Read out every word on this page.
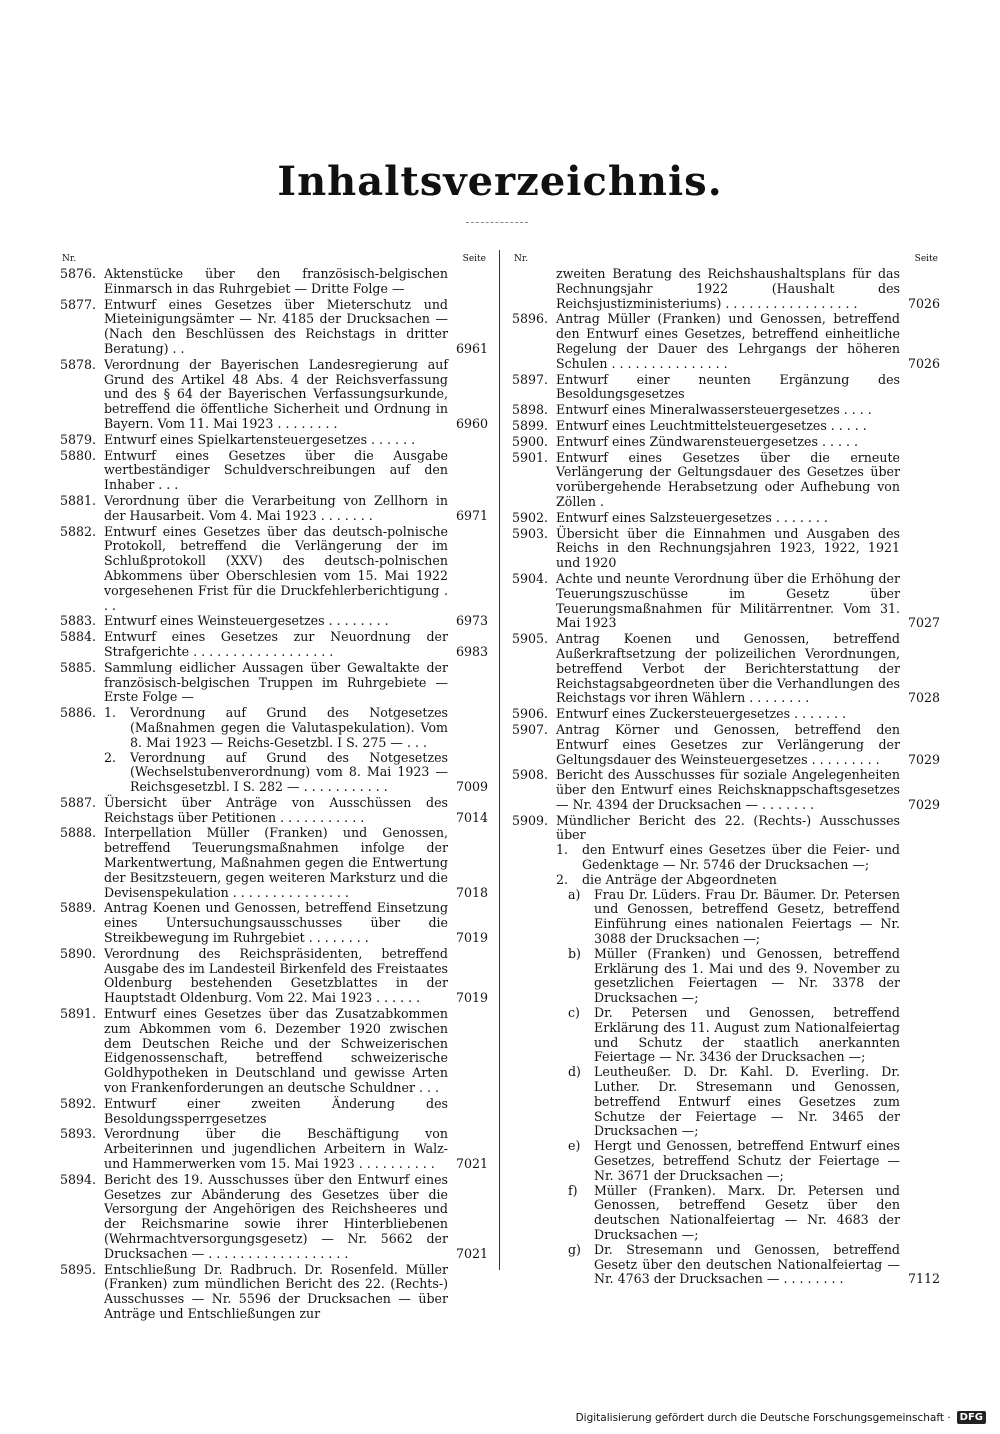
Inhaltsverzeichnis.
Nr.	Seite
5876. Aktenstücke über den französisch-belgischen Einmarsch in das Ruhrgebiet — Dritte Folge —
5877. Entwurf eines Gesetzes über Mieterschutz und Mieteinigungsämter — Nr. 4185 der Drucksachen — (Nach den Beschlüssen des Reichstags in dritter Beratung) . .	6961
5878. Verordnung der Bayerischen Landesregierung auf Grund des Artikel 48 Abs. 4 der Reichsverfassung und des § 64 der Bayerischen Verfassungsurkunde, betreffend die öffentliche Sicherheit und Ordnung in Bayern. Vom 11. Mai 1923 . . . . . . . .	6960
5879. Entwurf eines Spielkartensteuergesetzes . . . . . .
5880. Entwurf eines Gesetzes über die Ausgabe wertbeständiger Schuldverschreibungen auf den Inhaber . . .
5881. Verordnung über die Verarbeitung von Zellhorn in der Hausarbeit. Vom 4. Mai 1923 . . . . . . .	6971
5882. Entwurf eines Gesetzes über das deutsch-polnische Protokoll, betreffend die Verlängerung der im Schlußprotokoll (XXV) des deutsch-polnischen Abkommens über Oberschlesien vom 15. Mai 1922 vorgesehenen Frist für die Druckfehlerberichtigung . . .
5883. Entwurf eines Weinsteuergesetzes . . . . . . . .	6973
5884. Entwurf eines Gesetzes zur Neuordnung der Strafgerichte . . . . . . . . . . . . . . . . . .	6983
5885. Sammlung eidlicher Aussagen über Gewaltakte der französisch-belgischen Truppen im Ruhrgebiete — Erste Folge —
5886. 1.	Verordnung auf Grund des Notgesetzes (Maßnahmen gegen die Valutaspekulation). Vom 8. Mai 1923 — Reichs-Gesetzbl. I S. 275 — . . .
2.	Verordnung auf Grund des Notgesetzes (Wechselstubenverordnung) vom 8. Mai 1923 — Reichsgesetzbl. I S. 282 — . . . . . . . . . . .	7009
5887. Übersicht über Anträge von Ausschüssen des Reichstags über Petitionen . . . . . . . . . . .	7014
5888. Interpellation Müller (Franken) und Genossen, betreffend Teuerungsmaßnahmen infolge der Markentwertung, Maßnahmen gegen die Entwertung der Besitzsteuern, gegen weiteren Marksturz und die Devisenspekulation . . . . . . . . . . . . . . .	7018
5889. Antrag Koenen und Genossen, betreffend Einsetzung eines Untersuchungsausschusses über die Streikbewegung im Ruhrgebiet . . . . . . . .	7019
5890. Verordnung des Reichspräsidenten, betreffend Ausgabe des im Landesteil Birkenfeld des Freistaates Oldenburg bestehenden Gesetzblattes in der Hauptstadt Oldenburg. Vom 22. Mai 1923 . . . . . .	7019
5891. Entwurf eines Gesetzes über das Zusatzabkommen zum Abkommen vom 6. Dezember 1920 zwischen dem Deutschen Reiche und der Schweizerischen Eidgenossenschaft, betreffend schweizerische Goldhypotheken in Deutschland und gewisse Arten von Frankenforderungen an deutsche Schuldner . . .
5892. Entwurf einer zweiten Änderung des Besoldungssperrgesetzes
5893. Verordnung über die Beschäftigung von Arbeiterinnen und jugendlichen Arbeitern in Walz- und Hammerwerken vom 15. Mai 1923 . . . . . . . . . .	7021
5894. Bericht des 19. Ausschusses über den Entwurf eines Gesetzes zur Abänderung des Gesetzes über die Versorgung der Angehörigen des Reichsheeres und der Reichsmarine sowie ihrer Hinterbliebenen (Wehrmachtversorgungsgesetz) — Nr. 5662 der Drucksachen — . . . . . . . . . . . . . . . . . .	7021
5895. Entschließung Dr. Radbruch. Dr. Rosenfeld. Müller (Franken) zum mündlichen Bericht des 22. (Rechts-) Ausschusses — Nr. 5596 der Drucksachen — über Anträge und Entschließungen zur
Nr.	Seite
zweiten Beratung des Reichshaushaltsplans für das Rechnungsjahr 1922 (Haushalt des Reichsjustizministeriums) . . . . . . . . . . . . . . . . .	7026
5896. Antrag Müller (Franken) und Genossen, betreffend den Entwurf eines Gesetzes, betreffend einheitliche Regelung der Dauer des Lehrgangs der höheren Schulen . . . . . . . . . . . . . . .	7026
5897. Entwurf einer neunten Ergänzung des Besoldungsgesetzes
5898. Entwurf eines Mineralwassersteuergesetzes . . . .
5899. Entwurf eines Leuchtmittelsteuergesetzes . . . . .
5900. Entwurf eines Zündwarensteuergesetzes . . . . .
5901. Entwurf eines Gesetzes über die erneute Verlängerung der Geltungsdauer des Gesetzes über vorübergehende Herabsetzung oder Aufhebung von Zöllen .
5902. Entwurf eines Salzsteuergesetzes . . . . . . .
5903. Übersicht über die Einnahmen und Ausgaben des Reichs in den Rechnungsjahren 1923, 1922, 1921 und 1920
5904. Achte und neunte Verordnung über die Erhöhung der Teuerungszuschüsse im Gesetz über Teuerungsmaßnahmen für Militärrentner. Vom 31. Mai 1923	7027
5905. Antrag Koenen und Genossen, betreffend Außerkraftsetzung der polizeilichen Verordnungen, betreffend Verbot der Berichterstattung der Reichstagsabgeordneten über die Verhandlungen des Reichstags vor ihren Wählern . . . . . . . .	7028
5906. Entwurf eines Zuckersteuergesetzes . . . . . . .
5907. Antrag Körner und Genossen, betreffend den Entwurf eines Gesetzes zur Verlängerung der Geltungsdauer des Weinsteuergesetzes . . . . . . . . .	7029
5908. Bericht des Ausschusses für soziale Angelegenheiten über den Entwurf eines Reichsknappschaftsgesetzes — Nr. 4394 der Drucksachen — . . . . . . .	7029
5909. Mündlicher Bericht des 22. (Rechts-) Ausschusses über
1.	den Entwurf eines Gesetzes über die Feier- und Gedenktage — Nr. 5746 der Drucksachen —;
2.	die Anträge der Abgeordneten
a)	Frau Dr. Lüders. Frau Dr. Bäumer. Dr. Petersen und Genossen, betreffend Gesetz, betreffend Einführung eines nationalen Feiertags — Nr. 3088 der Drucksachen —;
b)	Müller (Franken) und Genossen, betreffend Erklärung des 1. Mai und des 9. November zu gesetzlichen Feiertagen — Nr. 3378 der Drucksachen —;
c)	Dr. Petersen und Genossen, betreffend Erklärung des 11. August zum Nationalfeiertag und Schutz der staatlich anerkannten Feiertage — Nr. 3436 der Drucksachen —;
d)	Leuthеußer. D. Dr. Kahl. D. Everling. Dr. Luther. Dr. Stresemann und Genossen, betreffend Entwurf eines Gesetzes zum Schutze der Feiertage — Nr. 3465 der Drucksachen —;
e)	Hergt und Genossen, betreffend Entwurf eines Gesetzes, betreffend Schutz der Feiertage — Nr. 3671 der Drucksachen —;
f)	Müller (Franken). Marx. Dr. Petersen und Genossen, betreffend Gesetz über den deutschen Nationalfeiertag — Nr. 4683 der Drucksachen —;
g)	Dr. Stresemann und Genossen, betreffend Gesetz über den deutschen Nationalfeiertag — Nr. 4763 der Drucksachen — . . . . . . . .	7112
Digitalisierung gefördert durch die Deutsche Forschungsgemeinschaft · DFG
